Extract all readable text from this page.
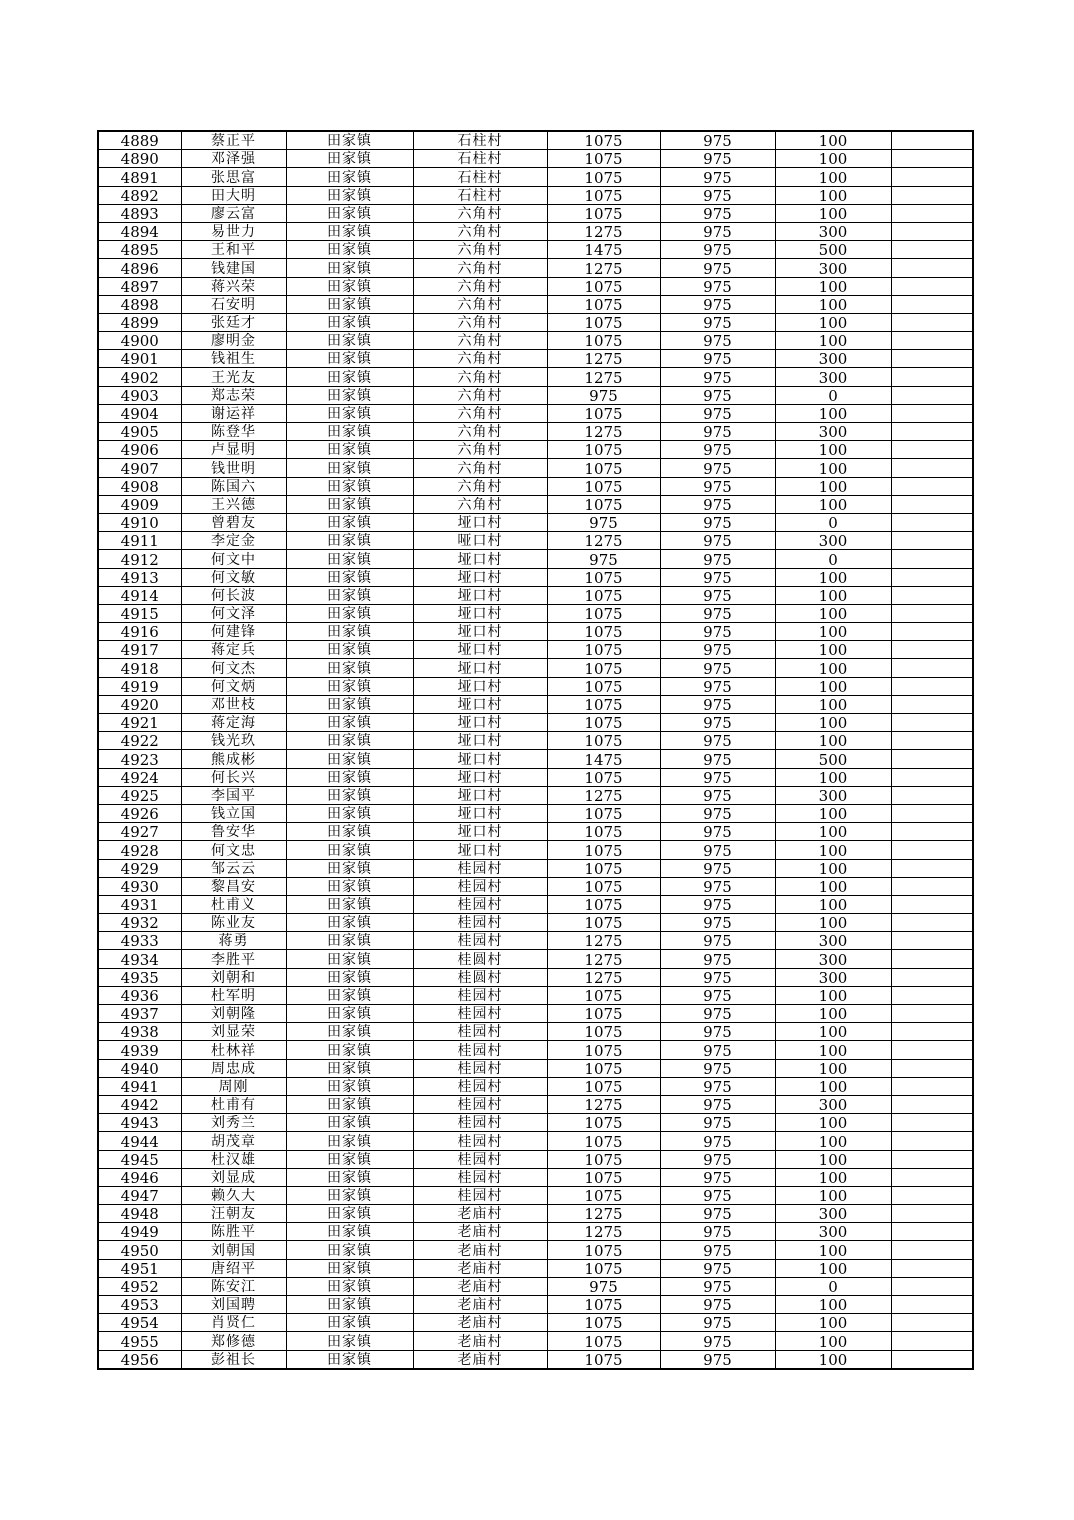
4889	蔡正平	田家镇	石柱村	1075	975	100	
4890	邓泽强	田家镇	石柱村	1075	975	100	
4891	张思富	田家镇	石柱村	1075	975	100	
4892	田大明	田家镇	石柱村	1075	975	100	
4893	廖云富	田家镇	六角村	1075	975	100	
4894	易世力	田家镇	六角村	1275	975	300	
4895	王和平	田家镇	六角村	1475	975	500	
4896	钱建国	田家镇	六角村	1275	975	300	
4897	蒋兴荣	田家镇	六角村	1075	975	100	
4898	石安明	田家镇	六角村	1075	975	100	
4899	张廷才	田家镇	六角村	1075	975	100	
4900	廖明金	田家镇	六角村	1075	975	100	
4901	钱祖生	田家镇	六角村	1275	975	300	
4902	王光友	田家镇	六角村	1275	975	300	
4903	郑志荣	田家镇	六角村	975	975	0	
4904	谢运祥	田家镇	六角村	1075	975	100	
4905	陈登华	田家镇	六角村	1275	975	300	
4906	卢显明	田家镇	六角村	1075	975	100	
4907	钱世明	田家镇	六角村	1075	975	100	
4908	陈国六	田家镇	六角村	1075	975	100	
4909	王兴德	田家镇	六角村	1075	975	100	
4910	曾碧友	田家镇	垭口村	975	975	0	
4911	李定金	田家镇	哑口村	1275	975	300	
4912	何文中	田家镇	垭口村	975	975	0	
4913	何文敏	田家镇	垭口村	1075	975	100	
4914	何长波	田家镇	垭口村	1075	975	100	
4915	何文泽	田家镇	垭口村	1075	975	100	
4916	何建锋	田家镇	垭口村	1075	975	100	
4917	蒋定兵	田家镇	垭口村	1075	975	100	
4918	何文杰	田家镇	垭口村	1075	975	100	
4919	何文炳	田家镇	垭口村	1075	975	100	
4920	邓世枝	田家镇	垭口村	1075	975	100	
4921	蒋定海	田家镇	垭口村	1075	975	100	
4922	钱光玖	田家镇	垭口村	1075	975	100	
4923	熊成彬	田家镇	垭口村	1475	975	500	
4924	何长兴	田家镇	垭口村	1075	975	100	
4925	李国平	田家镇	垭口村	1275	975	300	
4926	钱立国	田家镇	垭口村	1075	975	100	
4927	鲁安华	田家镇	垭口村	1075	975	100	
4928	何文忠	田家镇	垭口村	1075	975	100	
4929	邹云云	田家镇	桂园村	1075	975	100	
4930	黎昌安	田家镇	桂园村	1075	975	100	
4931	杜甫义	田家镇	桂园村	1075	975	100	
4932	陈业友	田家镇	桂园村	1075	975	100	
4933	蒋勇	田家镇	桂园村	1275	975	300	
4934	李胜平	田家镇	桂圆村	1275	975	300	
4935	刘朝和	田家镇	桂圆村	1275	975	300	
4936	杜军明	田家镇	桂园村	1075	975	100	
4937	刘朝隆	田家镇	桂园村	1075	975	100	
4938	刘显荣	田家镇	桂园村	1075	975	100	
4939	杜林祥	田家镇	桂园村	1075	975	100	
4940	周忠成	田家镇	桂园村	1075	975	100	
4941	周刚	田家镇	桂园村	1075	975	100	
4942	杜甫有	田家镇	桂园村	1275	975	300	
4943	刘秀兰	田家镇	桂园村	1075	975	100	
4944	胡茂章	田家镇	桂园村	1075	975	100	
4945	杜汉雄	田家镇	桂园村	1075	975	100	
4946	刘显成	田家镇	桂园村	1075	975	100	
4947	赖久大	田家镇	桂园村	1075	975	100	
4948	汪朝友	田家镇	老庙村	1275	975	300	
4949	陈胜平	田家镇	老庙村	1275	975	300	
4950	刘朝国	田家镇	老庙村	1075	975	100	
4951	唐绍平	田家镇	老庙村	1075	975	100	
4952	陈安江	田家镇	老庙村	975	975	0	
4953	刘国聘	田家镇	老庙村	1075	975	100	
4954	肖贤仁	田家镇	老庙村	1075	975	100	
4955	郑修德	田家镇	老庙村	1075	975	100	
4956	彭祖长	田家镇	老庙村	1075	975	100	
